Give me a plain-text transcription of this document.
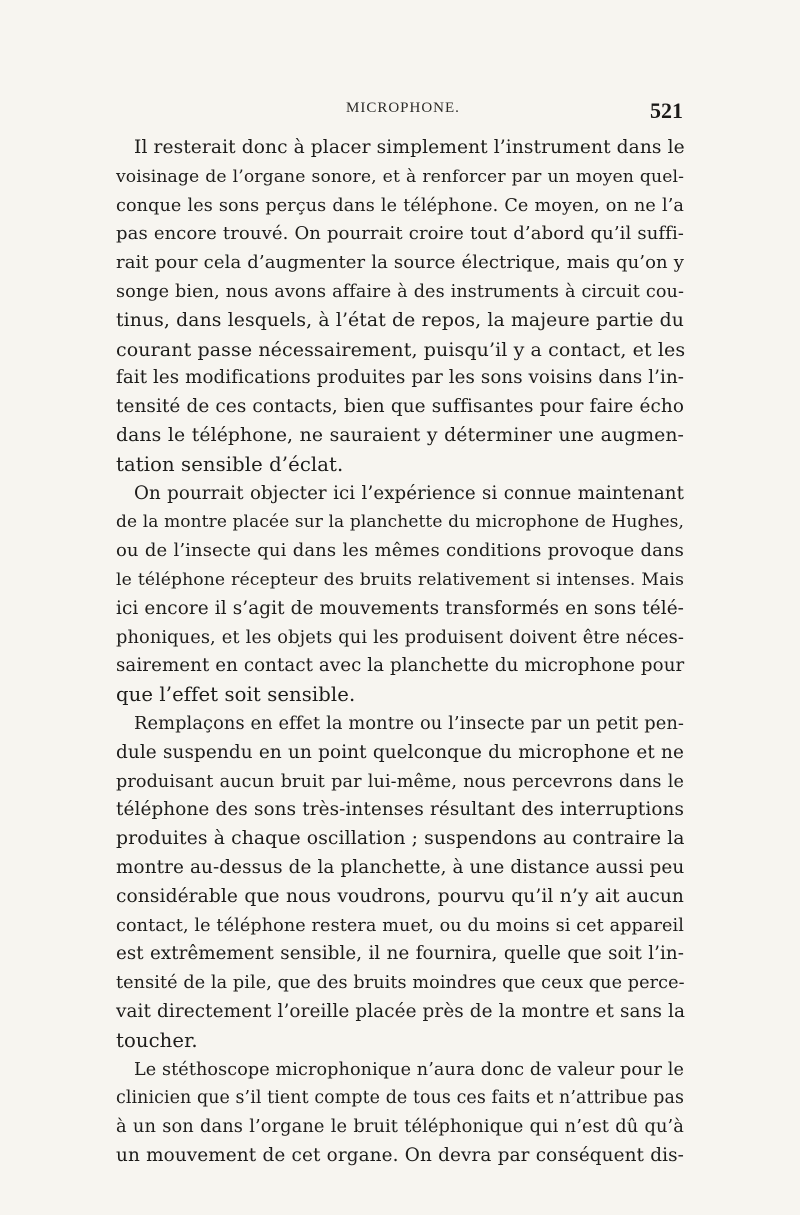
MICROPHONE.	521
Il resterait donc à placer simplement l’instrument dans le
voisinage de l’organe sonore, et à renforcer par un moyen quel-
conque les sons perçus dans le téléphone. Ce moyen, on ne l’a
pas encore trouvé. On pourrait croire tout d’abord qu’il suffi-
rait pour cela d’augmenter la source électrique, mais qu’on y
songe bien, nous avons affaire à des instruments à circuit cou-
tinus, dans lesquels, à l’état de repos, la majeure partie du
courant passe nécessairement, puisqu’il y a contact, et les
fait les modifications produites par les sons voisins dans l’in-
tensité de ces contacts, bien que suffisantes pour faire écho
dans le téléphone, ne sauraient y déterminer une augmen-
tation sensible d’éclat.
On pourrait objecter ici l’expérience si connue maintenant
de la montre placée sur la planchette du microphone de Hughes,
ou de l’insecte qui dans les mêmes conditions provoque dans
le téléphone récepteur des bruits relativement si intenses. Mais
ici encore il s’agit de mouvements transformés en sons télé-
phoniques, et les objets qui les produisent doivent être néces-
sairement en contact avec la planchette du microphone pour
que l’effet soit sensible.
Remplaçons en effet la montre ou l’insecte par un petit pen-
dule suspendu en un point quelconque du microphone et ne
produisant aucun bruit par lui-même, nous percevrons dans le
téléphone des sons très-intenses résultant des interruptions
produites à chaque oscillation ; suspendons au contraire la
montre au-dessus de la planchette, à une distance aussi peu
considérable que nous voudrons, pourvu qu’il n’y ait aucun
contact, le téléphone restera muet, ou du moins si cet appareil
est extrêmement sensible, il ne fournira, quelle que soit l’in-
tensité de la pile, que des bruits moindres que ceux que perce-
vait directement l’oreille placée près de la montre et sans la
toucher.
Le stéthoscope microphonique n’aura donc de valeur pour le
clinicien que s’il tient compte de tous ces faits et n’attribue pas
à un son dans l’organe le bruit téléphonique qui n’est dû qu’à
un mouvement de cet organe. On devra par conséquent dis-
